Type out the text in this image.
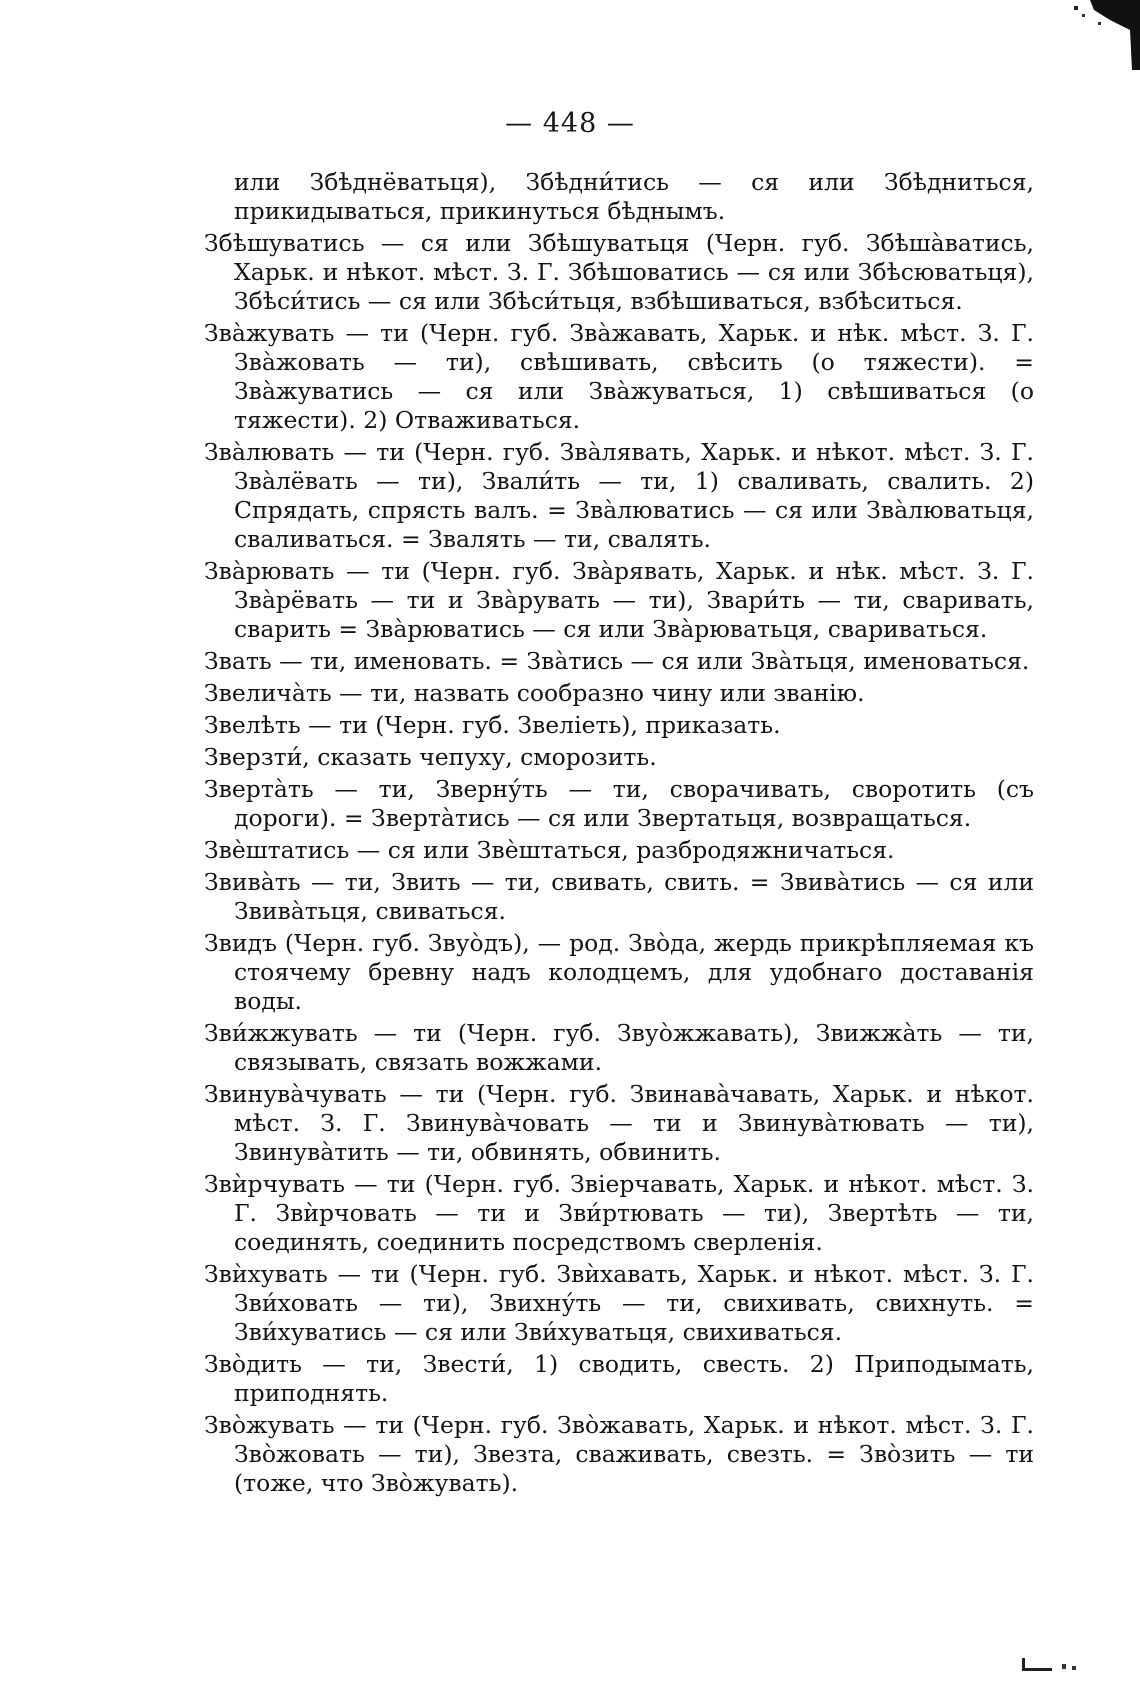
— 448 —

или Збѣднёватьця), Збѣдни́тись — ся или Збѣдниться, прикидываться, прикинуться бѣднымъ.

Збѣшуватись — ся или Збѣшуватьця (Черн. губ. Збѣша̀ватись, Харьк. и нѣкот. мѣст. З. Г. Збѣшоватись — ся или Збѣсюватьця), Збѣси́тись — ся или Збѣси́тьця, взбѣшиваться, взбѣситься.

Зва̀жувать — ти (Черн. губ. Зва̀жавать, Харьк. и нѣк. мѣст. З. Г. Зва̀жовать — ти), свѣшивать, свѣсить (о тяжести). = Зва̀жуватись — ся или Зва̀жуваться, 1) свѣшиваться (о тяжести). 2) Отваживаться.

Зва̀лювать — ти (Черн. губ. Зва̀лявать, Харьк. и нѣкот. мѣст. З. Г. Зва̀лёвать — ти), Звали́ть — ти, 1) сваливать, свалить. 2) Спрядать, спрясть валъ. = Зва̀люватись — ся или Зва̀люватьця, сваливаться. = Звалять — ти, свалять.

Зва̀рювать — ти (Черн. губ. Зва̀рявать, Харьк. и нѣк. мѣст. З. Г. Зва̀рёвать — ти и Зва̀рувать — ти), Звари́ть — ти, сваривать, сварить = Зва̀рюватись — ся или Зва̀рюватьця, свариваться.

Звать — ти, именовать. = Зва̀тись — ся или Зва̀тьця, именоваться.

Звелича̀ть — ти, назвать сообразно чину или званію.

Звелѣть — ти (Черн. губ. Звеліеть), приказать.

Зверзти́, сказать чепуху, сморозить.

Зверта̀ть — ти, Зверну́ть — ти, сворачивать, своротить (съ дороги). = Зверта̀тись — ся или Звертатьця, возвращаться.

Звѐштатись — ся или Звѐштаться, разбродяжничаться.

Звива̀ть — ти, Звить — ти, свивать, свить. = Звива̀тись — ся или Звива̀тьця, свиваться.

Звидъ (Черн. губ. Звуо̀дъ), — род. Зво̀да, жердь прикрѣпляемая къ стоячему бревну надъ колодцемъ, для удобнаго доставанія воды.

Зви́жжувать — ти (Черн. губ. Звуо̀жжавать), Звижжа̀ть — ти, связывать, связать вожжами.

Звинува̀чувать — ти (Черн. губ. Звинава̀чавать, Харьк. и нѣкот. мѣст. З. Г. Звинува̀човать — ти и Звинува̀тювать — ти), Звинува̀тить — ти, обвинять, обвинить.

Звѝрчувать — ти (Черн. губ. Звіерчавать, Харьк. и нѣкот. мѣст. З. Г. Звѝрчовать — ти и Зви́ртювать — ти), Звертѣть — ти, соединять, соединить посредствомъ сверленія.

Звѝхувать — ти (Черн. губ. Звѝхавать, Харьк. и нѣкот. мѣст. З. Г. Зви́ховать — ти), Звихну́ть — ти, свихивать, свихнуть. = Зви́хуватись — ся или Зви́хуватьця, свихиваться.

Зво̀дить — ти, Звести́, 1) сводить, свесть. 2) Приподымать, приподнять.

Зво̀жувать — ти (Черн. губ. Зво̀жавать, Харьк. и нѣкот. мѣст. З. Г. Зво̀жовать — ти), Звезта, сваживать, свезть. = Зво̀зить — ти (тоже, что Зво̀жувать).
